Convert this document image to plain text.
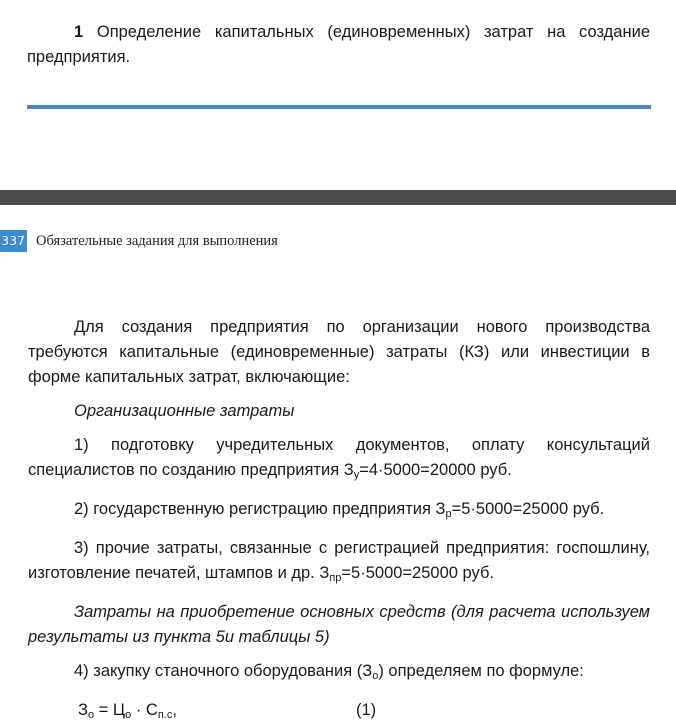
1 Определение капитальных (единовременных) затрат на создание предприятия.
337 Обязательные задания для выполнения

Для создания предприятия по организации нового производства требуются капитальные (единовременные) затраты (КЗ) или инвестиции в форме капитальных затрат, включающие:

Организационные затраты

1) подготовку учредительных документов, оплату консультаций специалистов по созданию предприятия $З_у=4\cdot 5000=20000$ руб.

2) государственную регистрацию предприятия $З_р=5\cdot 5000=25000$ руб.

3) прочие затраты, связанные с регистрацией предприятия: госпошлину, изготовление печатей, штампов и др. $З_{пр}=5\cdot 5000=25000$ руб.

Затраты на приобретение основных средств (для расчета используем результаты из пункта 5и таблицы 5)

4) закупку станочного оборудования $(З_о)$ определяем по формуле:

$З_о = Ц_о \cdot С_{п.с}$,	(1)
